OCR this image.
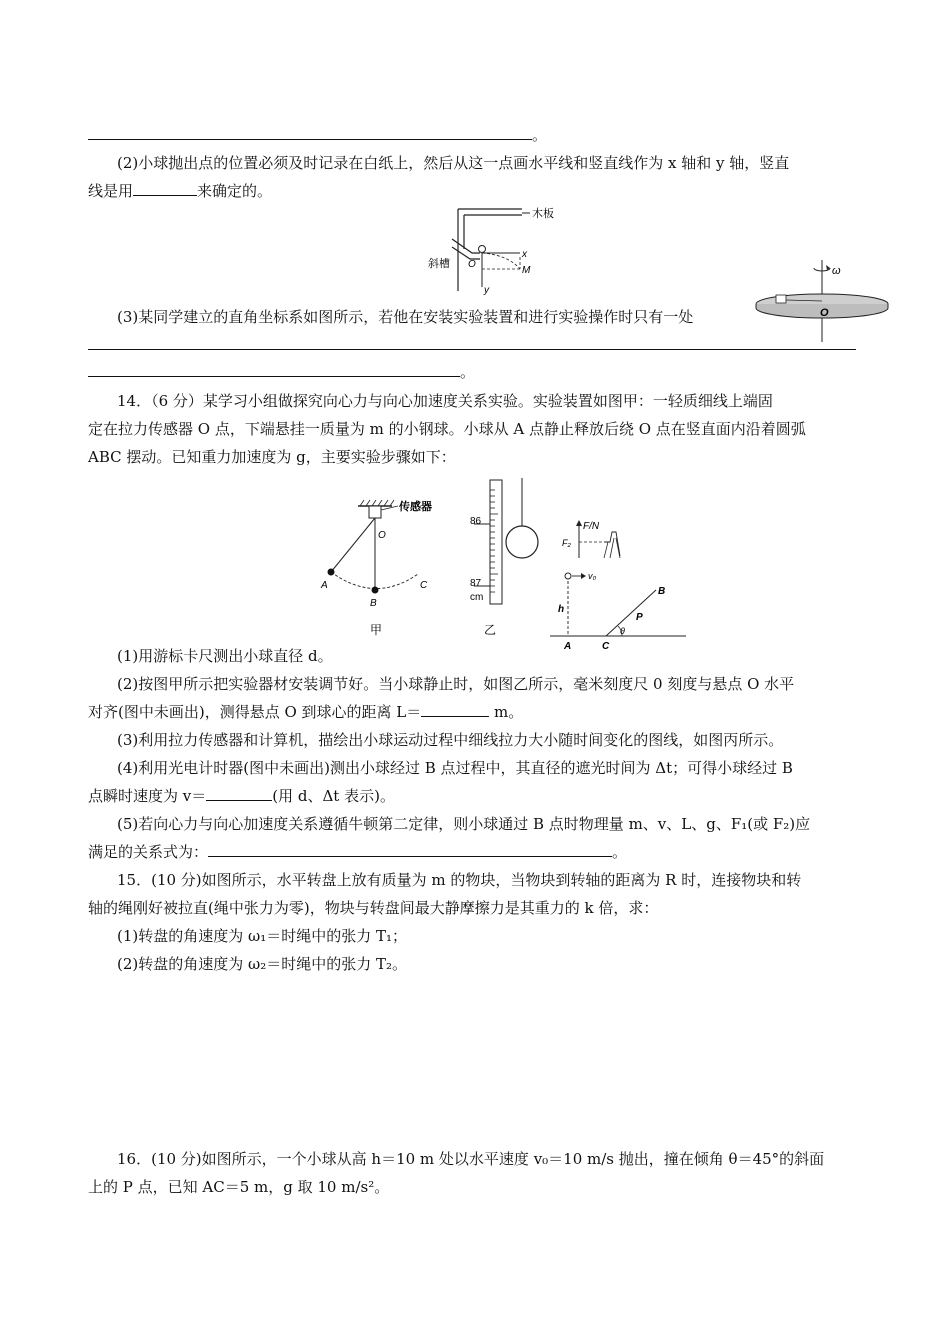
。
(2)小球抛出点的位置必须及时记录在白纸上，然后从这一点画水平线和竖直线作为 x 轴和 y 轴，竖直
线是用	来确定的。
木板
x
y
M
斜槽 O
(3)某同学建立的直角坐标系如图所示，若他在安装实验装置和进行实验操作时只有一处
ω
O
。
14．（6 分）某学习小组做探究向心力与向心加速度关系实验。实验装置如图甲：一轻质细线上端固
定在拉力传感器 O 点，下端悬挂一质量为 m 的小钢球。小球从 A 点静止释放后绕 O 点在竖直面内沿着圆弧
ABC 摆动。已知重力加速度为 g，主要实验步骤如下：
传感器
O
A
B
C
甲
86
87
cm
乙
F/N
F₂
v₀
h
A	C
B
P
θ
(1)用游标卡尺测出小球直径 d。
(2)按图甲所示把实验器材安装调节好。当小球静止时，如图乙所示，毫米刻度尺 0 刻度与悬点 O 水平
对齐(图中未画出)，测得悬点 O 到球心的距离 L＝	m。
(3)利用拉力传感器和计算机，描绘出小球运动过程中细线拉力大小随时间变化的图线，如图丙所示。
(4)利用光电计时器(图中未画出)测出小球经过 B 点过程中，其直径的遮光时间为 Δt；可得小球经过 B
点瞬时速度为 v＝	(用 d、Δt 表示)。
(5)若向心力与向心加速度关系遵循牛顿第二定律，则小球通过 B 点时物理量 m、v、L、g、F₁(或 F₂)应
满足的关系式为：	。
15．(10 分)如图所示，水平转盘上放有质量为 m 的物块，当物块到转轴的距离为 R 时，连接物块和转
轴的绳刚好被拉直(绳中张力为零)，物块与转盘间最大静摩擦力是其重力的 k 倍，求：
(1)转盘的角速度为 ω₁＝时绳中的张力 T₁；
(2)转盘的角速度为 ω₂＝时绳中的张力 T₂。
16．(10 分)如图所示，一个小球从高 h＝10 m 处以水平速度 v₀＝10 m/s 抛出，撞在倾角 θ＝45°的斜面
上的 P 点，已知 AC＝5 m，g 取 10 m/s²。
